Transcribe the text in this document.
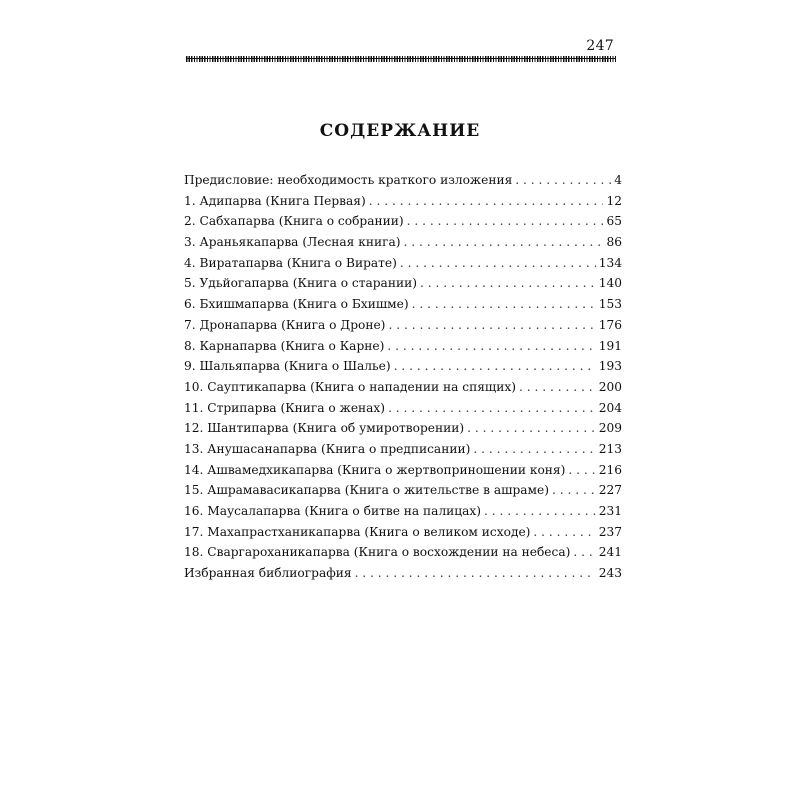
247
СОДЕРЖАНИЕ
Предисловие: необходимость краткого изложения . . .	4
1. Адипарва (Книга Первая) . . .	12
2. Сабхапарва (Книга о собрании) . . .	65
3. Араньякапарва (Лесная книга) . . .	86
4. Виратапарва (Книга о Вирате) . . .	134
5. Удьйогапарва (Книга о старании) . . .	140
6. Бхишмапарва (Книга о Бхишме) . . .	153
7. Дронапарва (Книга о Дроне) . . .	176
8. Карнапарва (Книга о Карне) . . .	191
9. Шальяпарва (Книга о Шалье) . . .	193
10. Сауптикапарва (Книга о нападении на спящих) . . .	200
11. Стрипарва (Книга о женах) . . .	204
12. Шантипарва (Книга об умиротворении) . . .	209
13. Анушасанапарва (Книга о предписании) . . .	213
14. Ашвамедхикапарва (Книга о жертвоприношении коня) . . .	216
15. Ашрамавасикапарва (Книга о жительстве в ашраме) . . .	227
16. Маусалапарва (Книга о битве на палицах) . . .	231
17. Махапрастханикапарва (Книга о великом исходе) . . .	237
18. Сваргароханикапарва (Книга о восхождении на небеса) . . . 241
Избранная библиография . . .	243
